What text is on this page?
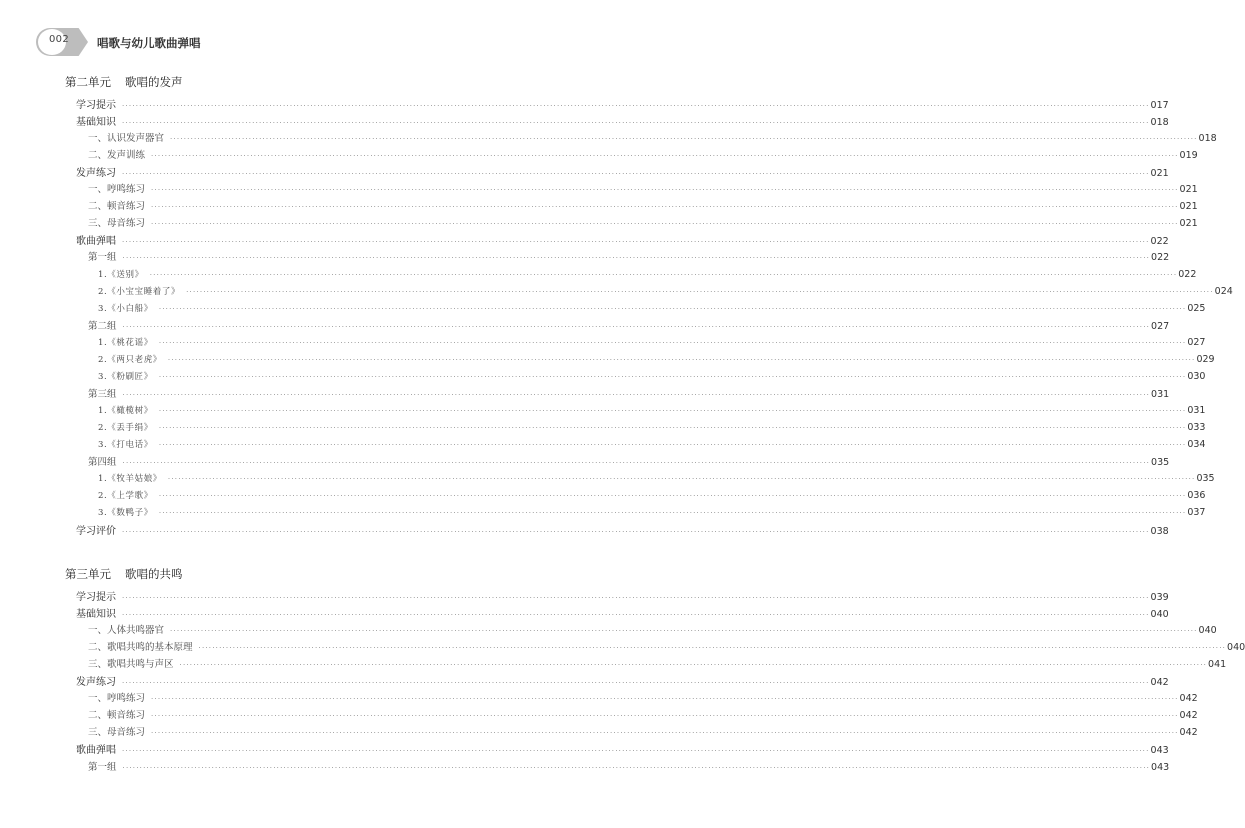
002	唱歌与幼儿歌曲弹唱
第二单元 歌唱的发声
学习提示 ············································································································································································································································································································ 017
基础知识 ············································································································································································································································································································ 018
一、认识发声器官 ············································································································································································································································································································ 018
二、发声训练 ············································································································································································································································································································ 019
发声练习 ············································································································································································································································································································ 021
一、哼鸣练习 ············································································································································································································································································································ 021
二、顿音练习 ············································································································································································································································································································ 021
三、母音练习 ············································································································································································································································································································ 021
歌曲弹唱 ············································································································································································································································································································ 022
第一组 ············································································································································································································································································································ 022
1.《送别》 ············································································································································································································································································································ 022
2.《小宝宝睡着了》 ············································································································································································································································································································ 024
3.《小白船》 ············································································································································································································································································································ 025
第二组 ············································································································································································································································································································ 027
1.《桃花谣》 ············································································································································································································································································································ 027
2.《两只老虎》 ············································································································································································································································································································ 029
3.《粉刷匠》 ············································································································································································································································································································ 030
第三组 ············································································································································································································································································································ 031
1.《橄榄树》 ············································································································································································································································································································ 031
2.《丢手绢》 ············································································································································································································································································································ 033
3.《打电话》 ············································································································································································································································································································ 034
第四组 ············································································································································································································································································································ 035
1.《牧羊姑娘》 ············································································································································································································································································································ 035
2.《上学歌》 ············································································································································································································································································································ 036
3.《数鸭子》 ············································································································································································································································································································ 037
学习评价 ············································································································································································································································································································ 038
第三单元 歌唱的共鸣
学习提示 ············································································································································································································································································································ 039
基础知识 ············································································································································································································································································································ 040
一、人体共鸣器官 ············································································································································································································································································································ 040
二、歌唱共鸣的基本原理 ············································································································································································································································································································ 040
三、歌唱共鸣与声区 ············································································································································································································································································································ 041
发声练习 ············································································································································································································································································································ 042
一、哼鸣练习 ············································································································································································································································································································ 042
二、顿音练习 ············································································································································································································································································································ 042
三、母音练习 ············································································································································································································································································································ 042
歌曲弹唱 ············································································································································································································································································································ 043
第一组 ············································································································································································································································································································ 043
